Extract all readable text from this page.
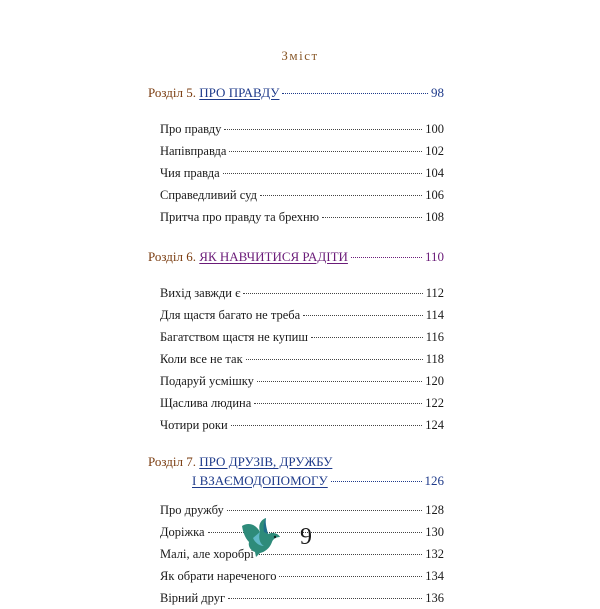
Зміст
Розділ 5. ПРО ПРАВДУ	98
Про правду	100
Напівправда	102
Чия правда	104
Справедливий суд	106
Притча про правду та брехню	108
Розділ 6. ЯК НАВЧИТИСЯ РАДІТИ	110
Вихід завжди є	112
Для щастя багато не треба	114
Багатством щастя не купиш	116
Коли все не так	118
Подаруй усмішку	120
Щаслива людина	122
Чотири роки	124
Розділ 7. ПРО ДРУЗІВ, ДРУЖБУ
І ВЗАЄМОДОПОМОГУ	126
Про дружбу	128
Доріжка	130
Малі, але хоробрі	132
Як обрати нареченого	134
Вірний друг	136
9
